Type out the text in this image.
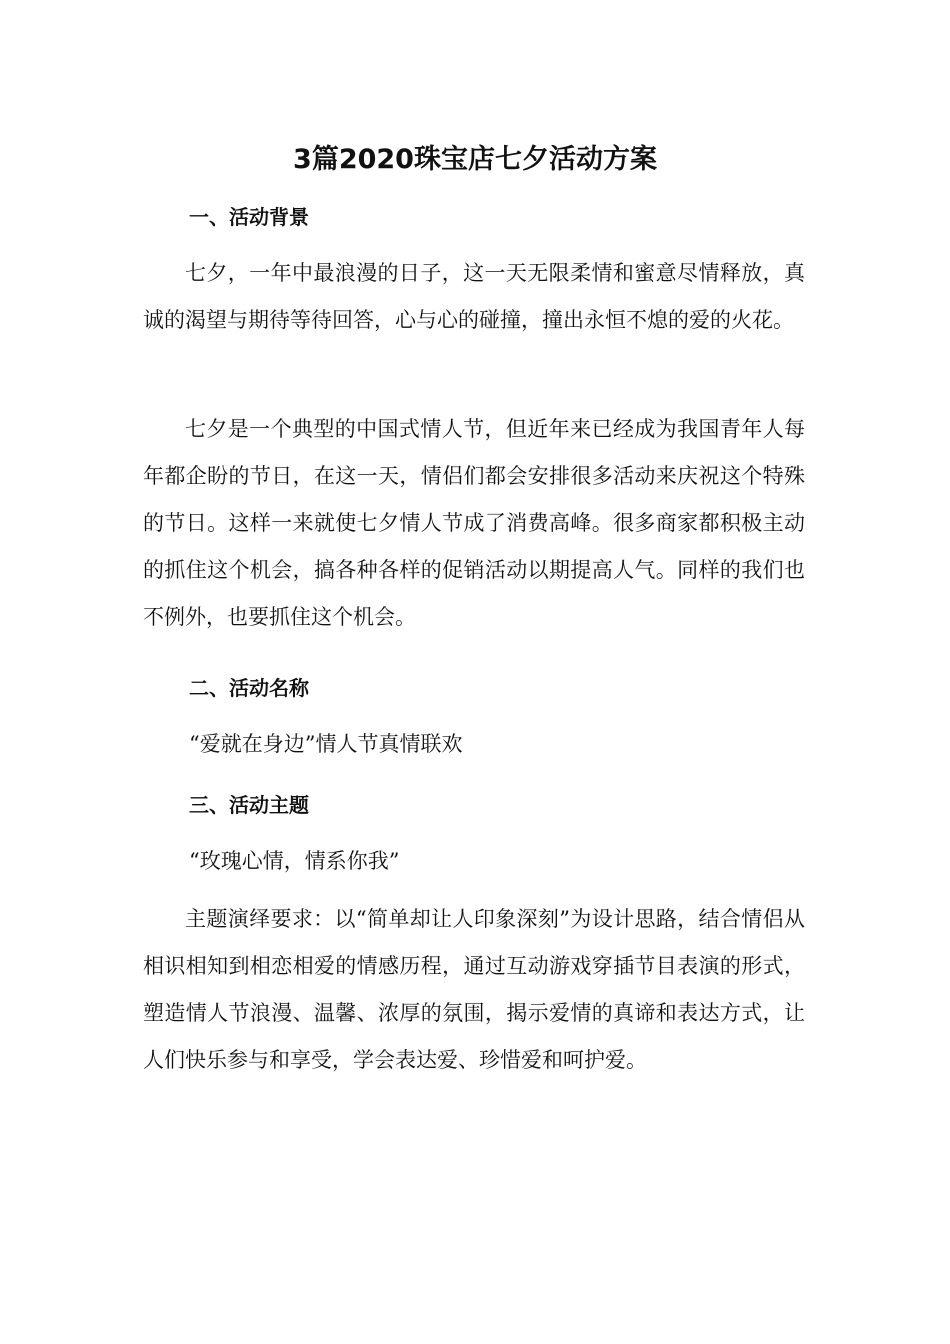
3篇2020珠宝店七夕活动方案
一、活动背景

七夕，一年中最浪漫的日子，这一天无限柔情和蜜意尽情释放，真诚的渴望与期待等待回答，心与心的碰撞，撞出永恒不熄的爱的火花。

七夕是一个典型的中国式情人节，但近年来已经成为我国青年人每年都企盼的节日，在这一天，情侣们都会安排很多活动来庆祝这个特殊的节日。这样一来就使七夕情人节成了消费高峰。很多商家都积极主动的抓住这个机会，搞各种各样的促销活动以期提高人气。同样的我们也不例外，也要抓住这个机会。

二、活动名称

“爱就在身边”情人节真情联欢

三、活动主题

“玫瑰心情，情系你我”

主题演绎要求：以“简单却让人印象深刻”为设计思路，结合情侣从相识相知到相恋相爱的情感历程，通过互动游戏穿插节目表演的形式，塑造情人节浪漫、温馨、浓厚的氛围，揭示爱情的真谛和表达方式，让人们快乐参与和享受，学会表达爱、珍惜爱和呵护爱。
